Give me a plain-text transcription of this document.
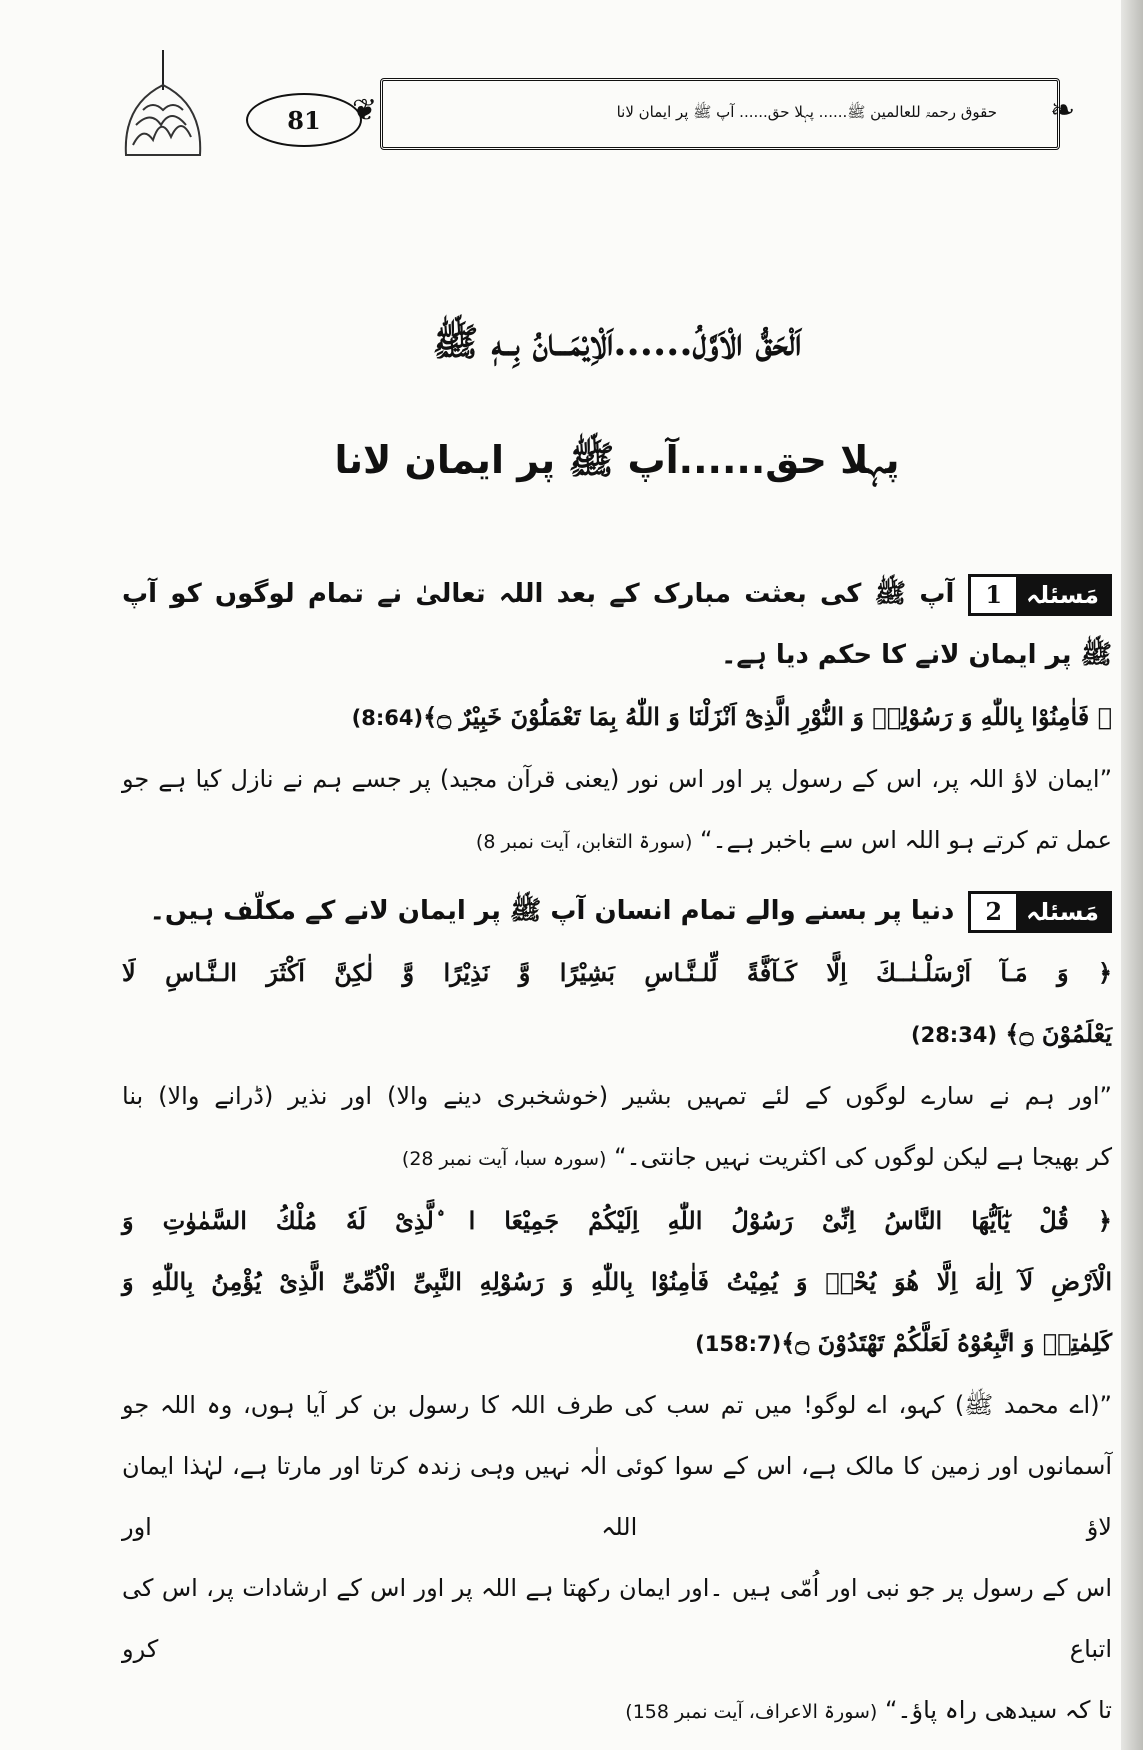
81	❦	حقوق رحمۃ للعالمین ﷺ...... پہلا حق...... آپ ﷺ پر ایمان لانا ❧
اَلْحَقُّ الْاَوَّلُ......اَلْاِیْمَـــانُ بِــهٖ ﷺ
پہلا حق......آپ ﷺ پر ایمان لانا
مَسئلہ
1
آپ ﷺ کی بعثت مبارک کے بعد اللہ تعالیٰ نے تمام لوگوں کو آپ
ﷺ پر ایمان لانے کا حکم دیا ہے۔
﴿ فَاٰمِنُوْا بِاللّٰهِ وَ رَسُوْلِهٖ وَ النُّوْرِ الَّذِیْٓ اَنْزَلْنَا وَ اللّٰهُ بِمَا تَعْمَلُوْنَ خَبِیْرٌ ۝﴾(8:64)
”ایمان لاؤ اللہ پر، اس کے رسول پر اور اس نور (یعنی قرآن مجید) پر جسے ہم نے نازل کیا ہے جو
عمل تم کرتے ہو اللہ اس سے باخبر ہے۔“ (سورۃ التغابن، آیت نمبر 8)
مَسئلہ
2
دنیا پر بسنے والے تمام انسان آپ ﷺ پر ایمان لانے کے مکلّف ہیں۔
﴿ وَ مَـآ اَرْسَلْـنٰــكَ اِلَّا كَـآفَّةً لِّلـنَّـاسِ بَشِیْرًا وَّ نَذِیْرًا وَّ لٰكِنَّ اَكْثَرَ الـنَّـاسِ لَا
یَعْلَمُوْنَ ۝﴾ (28:34)
”اور ہم نے سارے لوگوں کے لئے تمہیں بشیر (خوشخبری دینے والا) اور نذیر (ڈرانے والا) بنا
کر بھیجا ہے لیکن لوگوں کی اکثریت نہیں جانتی۔“ (سورہ سبا، آیت نمبر 28)
﴿ قُلْ یٰٓاَیُّهَا النَّاسُ اِنِّیْ رَسُوْلُ اللّٰهِ اِلَیْكُمْ جَمِیْعَا ا ۨلَّذِیْ لَهٗ مُلْكُ السَّمٰوٰتِ وَ
الْاَرْضِ لَآ اِلٰهَ اِلَّا هُوَ یُحْیٖ وَ یُمِیْتُ فَاٰمِنُوْا بِاللّٰهِ وَ رَسُوْلِهِ النَّبِیِّ الْاُمِّیِّ الَّذِیْ یُؤْمِنُ بِاللّٰهِ وَ
كَلِمٰتِهٖ وَ اتَّبِعُوْهُ لَعَلَّكُمْ تَهْتَدُوْنَ ۝﴾(158:7)
”(اے محمد ﷺ) کہو، اے لوگو! میں تم سب کی طرف اللہ کا رسول بن کر آیا ہوں، وہ اللہ جو
آسمانوں اور زمین کا مالک ہے، اس کے سوا کوئی الٰہ نہیں وہی زندہ کرتا اور مارتا ہے، لہٰذا ایمان لاؤ اللہ اور
اس کے رسول پر جو نبی اور اُمّی ہیں ۔اور ایمان رکھتا ہے اللہ پر اور اس کے ارشادات پر، اس کی اتباع کرو
تا کہ سیدھی راہ پاؤ۔“ (سورۃ الاعراف، آیت نمبر 158)
